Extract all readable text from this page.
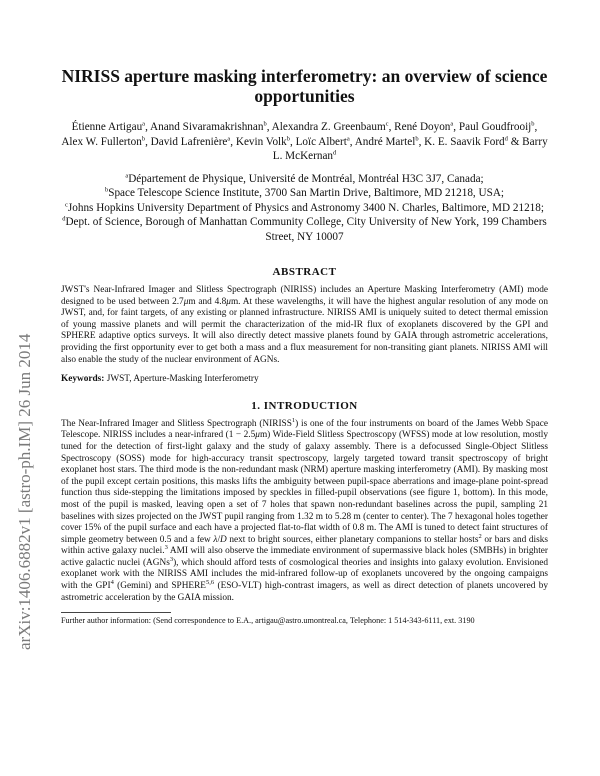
arXiv:1406.6882v1 [astro-ph.IM] 26 Jun 2014
NIRISS aperture masking interferometry: an overview of science opportunities
Étienne Artigau$^a$, Anand Sivaramakrishnan$^b$, Alexandra Z. Greenbaum$^c$, René Doyon$^a$, Paul Goudfrooij$^b$, Alex W. Fullerton$^b$, David Lafrenière$^a$, Kevin Volk$^b$, Loïc Albert$^a$, André Martel$^b$, K. E. Saavik Ford$^d$ & Barry L. McKernan$^d$
$^a$Département de Physique, Université de Montréal, Montréal H3C 3J7, Canada;
$^b$Space Telescope Science Institute, 3700 San Martin Drive, Baltimore, MD 21218, USA;
$^c$Johns Hopkins University Department of Physics and Astronomy 3400 N. Charles, Baltimore, MD 21218;
$^d$Dept. of Science, Borough of Manhattan Community College, City University of New York, 199 Chambers Street, NY 10007
ABSTRACT

JWST's Near-Infrared Imager and Slitless Spectrograph (NIRISS) includes an Aperture Masking Interferometry (AMI) mode designed to be used between 2.7μm and 4.8μm. At these wavelengths, it will have the highest angular resolution of any mode on JWST, and, for faint targets, of any existing or planned infrastructure. NIRISS AMI is uniquely suited to detect thermal emission of young massive planets and will permit the characterization of the mid-IR flux of exoplanets discovered by the GPI and SPHERE adaptive optics surveys. It will also directly detect massive planets found by GAIA through astrometric accelerations, providing the first opportunity ever to get both a mass and a flux measurement for non-transiting giant planets. NIRISS AMI will also enable the study of the nuclear environment of AGNs.

Keywords: JWST, Aperture-Masking Interferometry
1. INTRODUCTION

The Near-Infrared Imager and Slitless Spectrograph (NIRISS$^1$) is one of the four instruments on board of the James Webb Space Telescope. NIRISS includes a near-infrared (1 − 2.5μm) Wide-Field Slitless Spectroscopy (WFSS) mode at low resolution, mostly tuned for the detection of first-light galaxy and the study of galaxy assembly. There is a defocussed Single-Object Slitless Spectroscopy (SOSS) mode for high-accuracy transit spectroscopy, largely targeted toward transit spectroscopy of bright exoplanet host stars. The third mode is the non-redundant mask (NRM) aperture masking interferometry (AMI). By masking most of the pupil except certain positions, this masks lifts the ambiguity between pupil-space aberrations and image-plane point-spread function thus side-stepping the limitations imposed by speckles in filled-pupil observations (see figure 1, bottom). In this mode, most of the pupil is masked, leaving open a set of 7 holes that spawn non-redundant baselines across the pupil, sampling 21 baselines with sizes projected on the JWST pupil ranging from 1.32 m to 5.28 m (center to center). The 7 hexagonal holes together cover 15% of the pupil surface and each have a projected flat-to-flat width of 0.8 m. The AMI is tuned to detect faint structures of simple geometry between 0.5 and a few λ/D next to bright sources, either planetary companions to stellar hosts$^2$ or bars and disks within active galaxy nuclei.$^3$ AMI will also observe the immediate environment of supermassive black holes (SMBHs) in brighter active galactic nuclei (AGNs$^3$), which should afford tests of cosmological theories and insights into galaxy evolution. Envisioned exoplanet work with the NIRISS AMI includes the mid-infrared follow-up of exoplanets uncovered by the ongoing campaigns with the GPI$^4$ (Gemini) and SPHERE$^{5,6}$ (ESO-VLT) high-contrast imagers, as well as direct detection of planets uncovered by astrometric acceleration by the GAIA mission.

Further author information: (Send correspondence to E.A., artigau@astro.umontreal.ca, Telephone: 1 514-343-6111, ext. 3190
